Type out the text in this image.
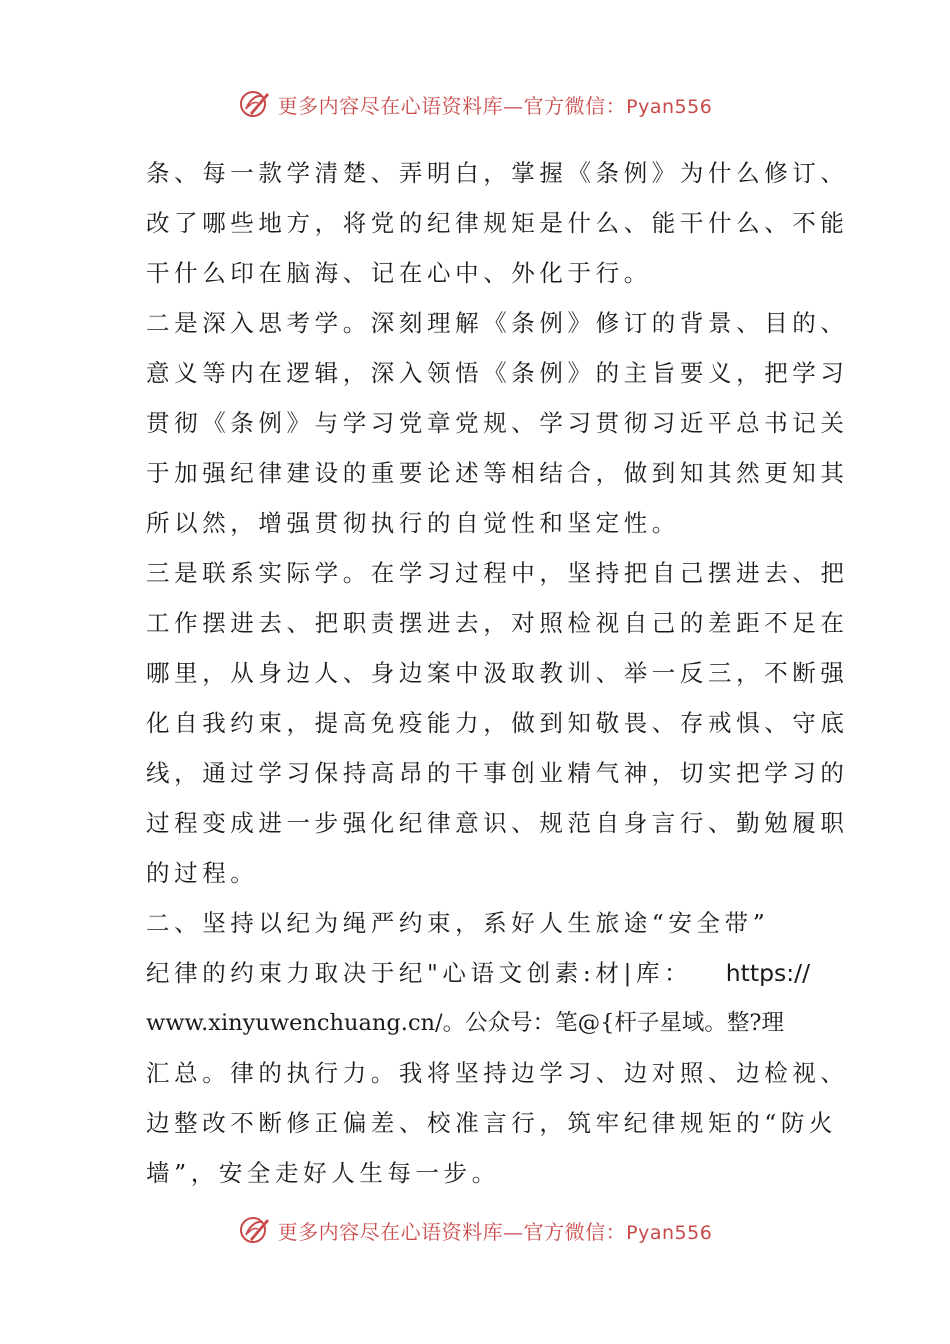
更多内容尽在心语资料库—官方微信：Pyan556
条、每一款学清楚、弄明白，掌握《条例》为什么修订、
改了哪些地方，将党的纪律规矩是什么、能干什么、不能
干什么印在脑海、记在心中、外化于行。
二是深入思考学。深刻理解《条例》修订的背景、目的、
意义等内在逻辑，深入领悟《条例》的主旨要义，把学习
贯彻《条例》与学习党章党规、学习贯彻习近平总书记关
于加强纪律建设的重要论述等相结合，做到知其然更知其
所以然，增强贯彻执行的自觉性和坚定性。
三是联系实际学。在学习过程中，坚持把自己摆进去、把
工作摆进去、把职责摆进去，对照检视自己的差距不足在
哪里，从身边人、身边案中汲取教训、举一反三，不断强
化自我约束，提高免疫能力，做到知敬畏、存戒惧、守底
线，通过学习保持高昂的干事创业精气神，切实把学习的
过程变成进一步强化纪律意识、规范自身言行、勤勉履职
的过程。
二、坚持以纪为绳严约束，系好人生旅途“安全带”
纪律的约束力取决于纪"心语文创素:材|库： https://
www.xinyuwenchuang.cn/。公众号：笔@{杆子星域。整?理
汇总。律的执行力。我将坚持边学习、边对照、边检视、
边整改不断修正偏差、校准言行，筑牢纪律规矩的“防火
墙”，安全走好人生每一步。
更多内容尽在心语资料库—官方微信：Pyan556
